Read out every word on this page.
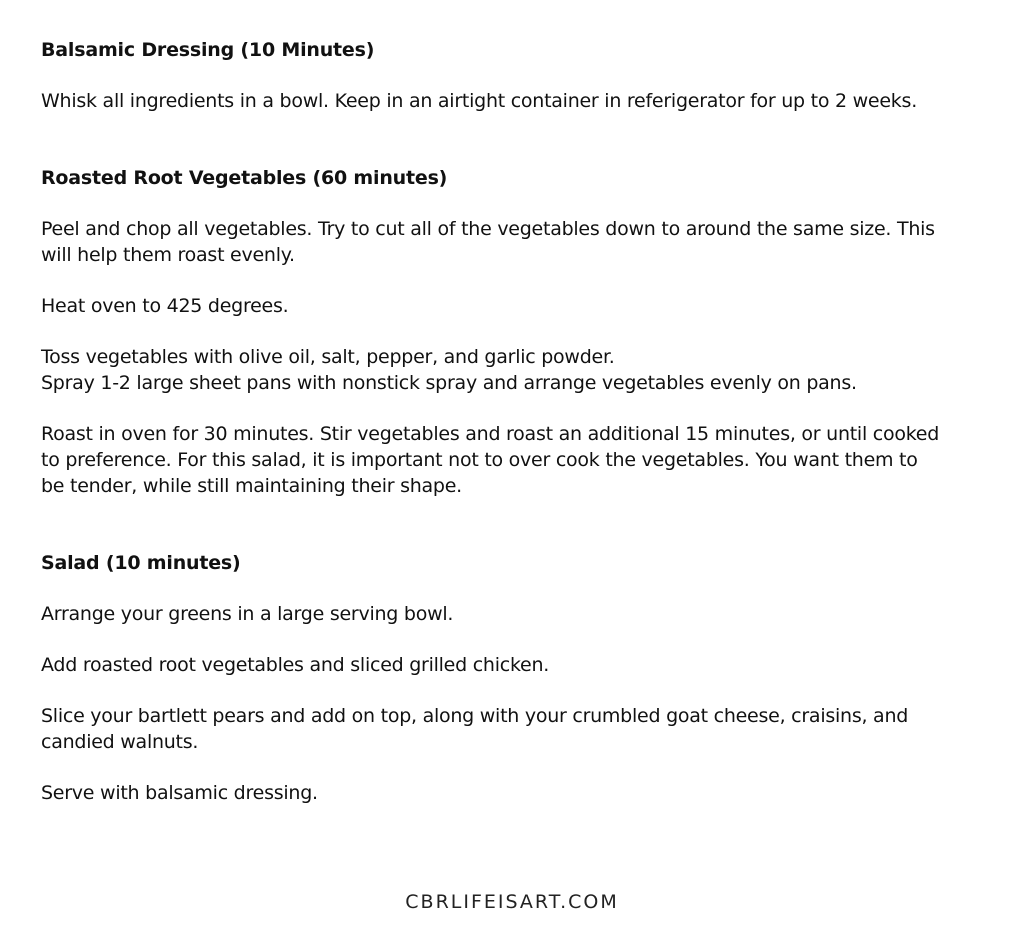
Balsamic Dressing (10 Minutes)
Whisk all ingredients in a bowl. Keep in an airtight container in referigerator for up to 2 weeks.
Roasted Root Vegetables (60 minutes)
Peel and chop all vegetables. Try to cut all of the vegetables down to around the same size. This
will help them roast evenly.
Heat oven to 425 degrees.
Toss vegetables with olive oil, salt, pepper, and garlic powder.
Spray 1-2 large sheet pans with nonstick spray and arrange vegetables evenly on pans.
Roast in oven for 30 minutes. Stir vegetables and roast an additional 15 minutes, or until cooked
to preference. For this salad, it is important not to over cook the vegetables. You want them to
be tender, while still maintaining their shape.
Salad (10 minutes)
Arrange your greens in a large serving bowl.
Add roasted root vegetables and sliced grilled chicken.
Slice your bartlett pears and add on top, along with your crumbled goat cheese, craisins, and
candied walnuts.
Serve with balsamic dressing.
CBRLIFEISART.COM
